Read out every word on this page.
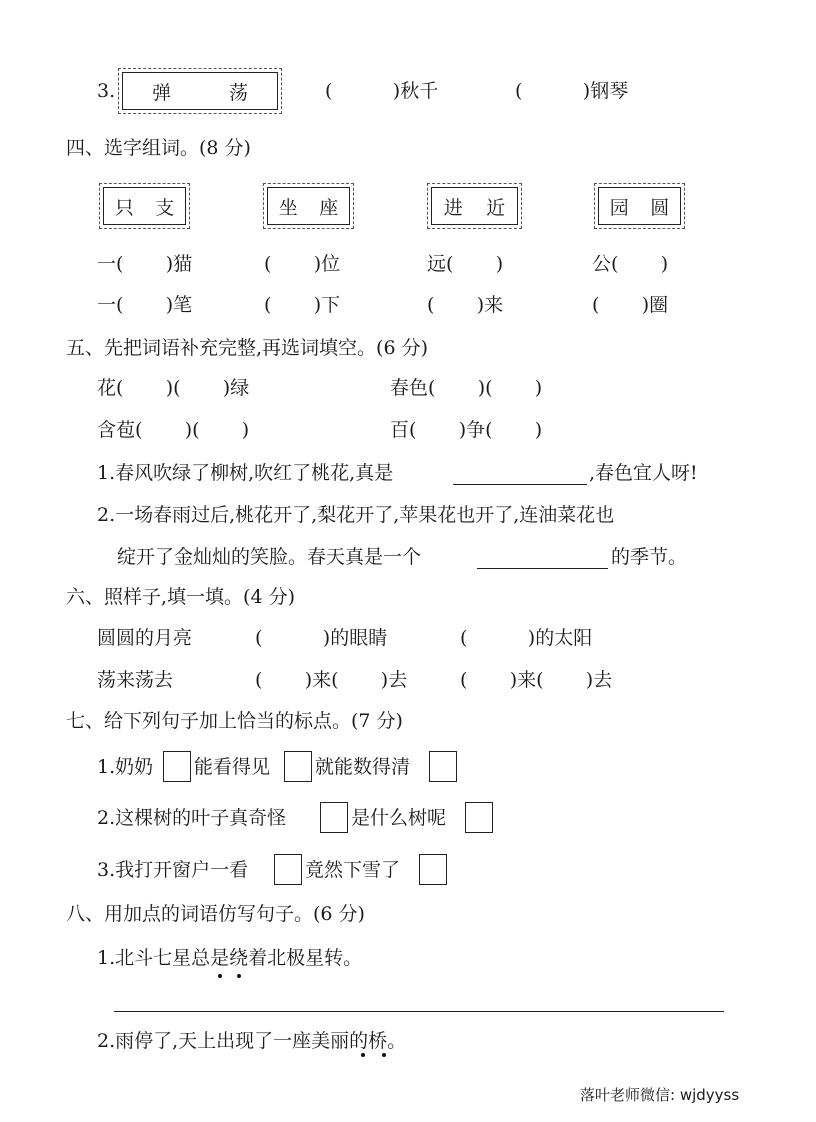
3. 弹	荡	(          )秋千	(          )钢琴
四、选字组词。(8 分)
只 支	坐 座	进 近	园 圆
一(       )猫	(       )位	远(       )	公(       )
一(       )笔	(       )下	(       )来	(       )圈
五、先把词语补充完整,再选词填空。(6 分)
花(       )(       )绿	春色(       )(       )
含苞(       )(       )	百(       )争(       )
1.春风吹绿了柳树,吹红了桃花,真是	,春色宜人呀!
2.一场春雨过后,桃花开了,梨花开了,苹果花也开了,连油菜花也
绽开了金灿灿的笑脸。春天真是一个	的季节。
六、照样子,填一填。(4 分)
圆圆的月亮	(          )的眼睛	(          )的太阳
荡来荡去	(       )来(       )去	(       )来(       )去
七、给下列句子加上恰当的标点。(7 分)
1.奶奶 能看得见 就能数得清
2.这棵树的叶子真奇怪	是什么树呢
3.我打开窗户一看	竟然下雪了
八、用加点的词语仿写句子。(6 分)
1.北斗七星总是绕着北极星转。
2.雨停了,天上出现了一座美丽的桥。
落叶老师微信: wjdyyss
